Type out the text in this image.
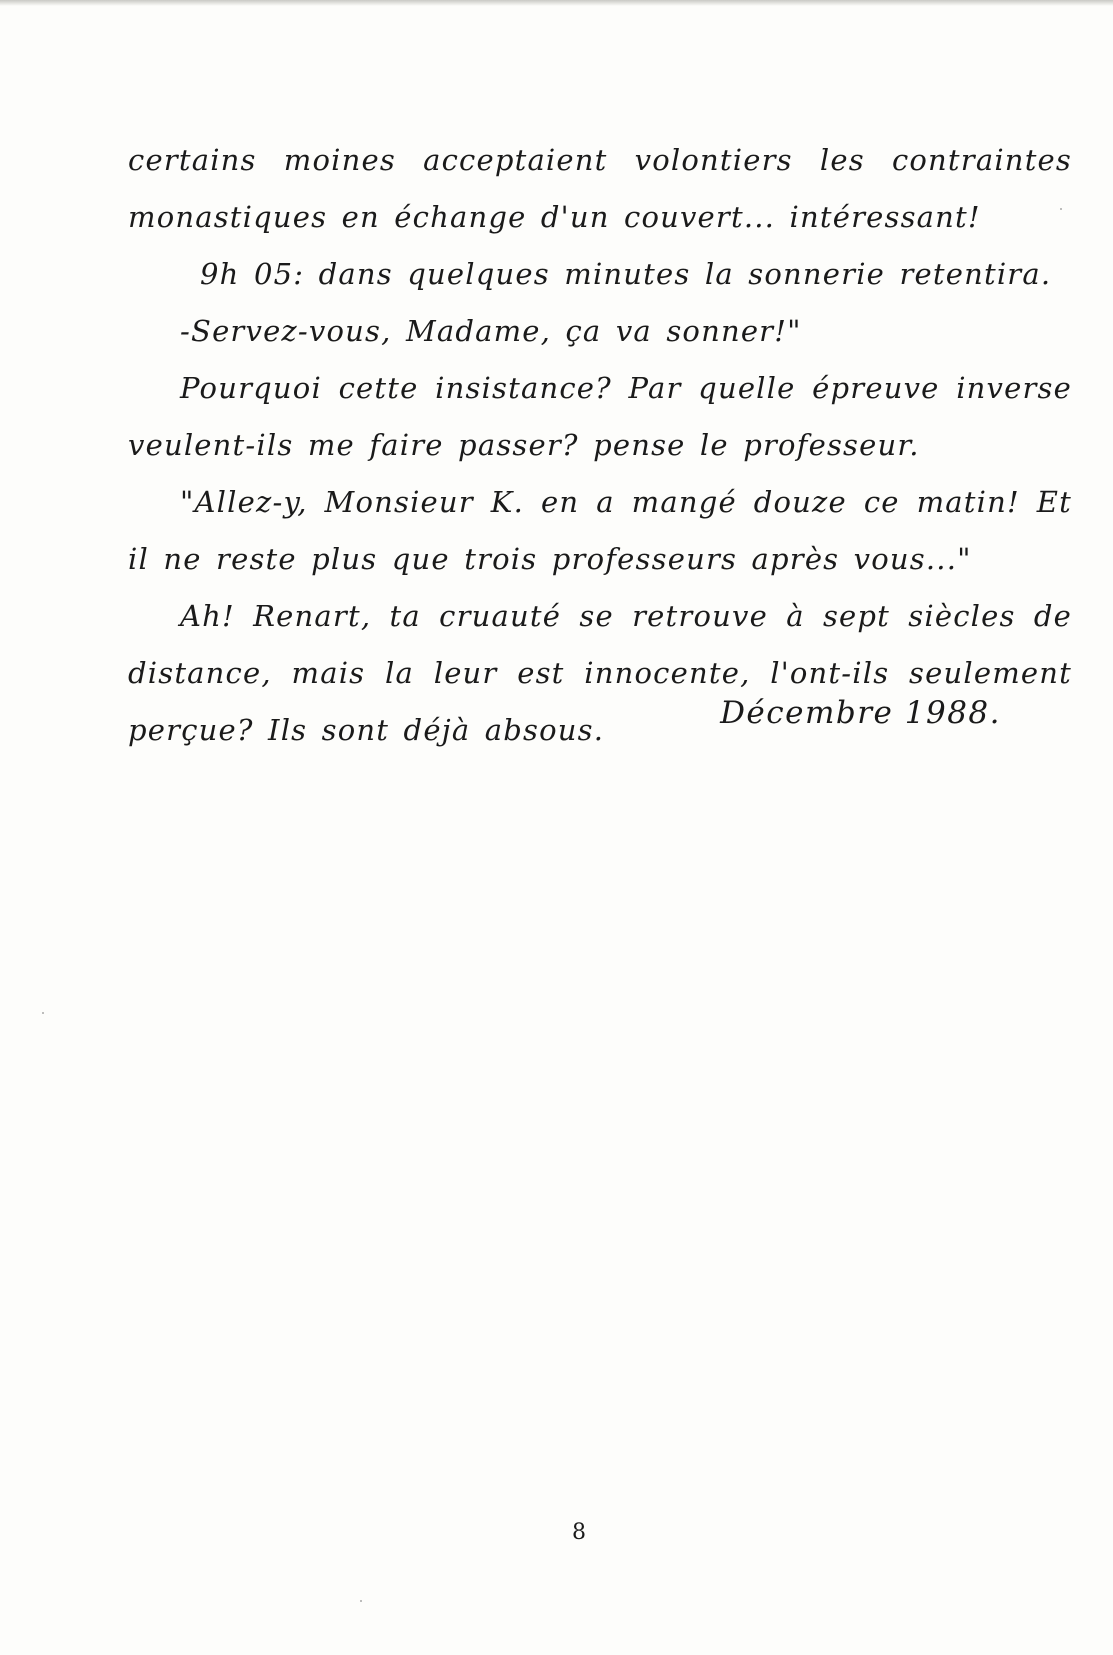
certains moines acceptaient volontiers les contraintes
monastiques en échange d'un couvert... intéressant!
9h 05: dans quelques minutes la sonnerie retentira.
-Servez-vous, Madame, ça va sonner!"
Pourquoi cette insistance? Par quelle épreuve inverse
veulent-ils me faire passer? pense le professeur.
"Allez-y, Monsieur K. en a mangé douze ce matin! Et
il ne reste plus que trois professeurs après vous..."
Ah! Renart, ta cruauté se retrouve à sept siècles de
distance, mais la leur est innocente, l'ont-ils seulement
perçue? Ils sont déjà absous.	Décembre 1988.
8
